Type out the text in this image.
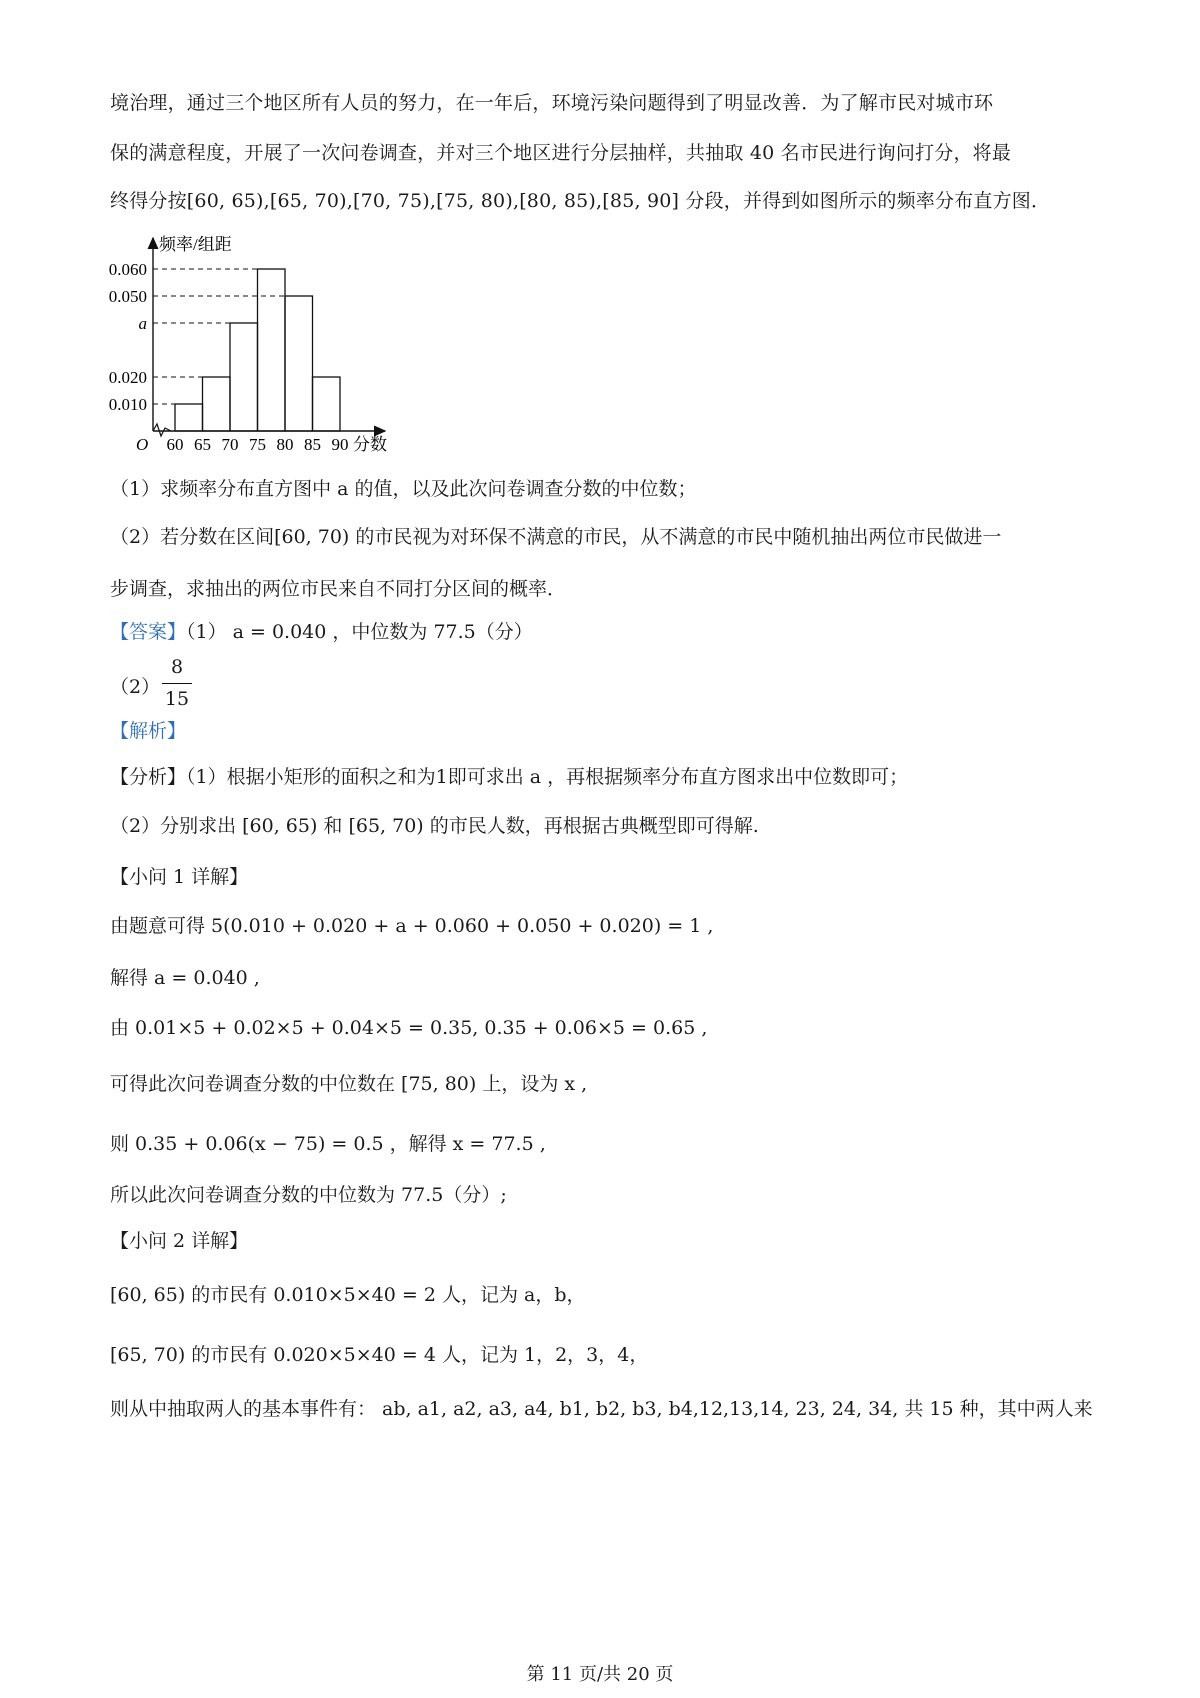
境治理，通过三个地区所有人员的努力，在一年后，环境污染问题得到了明显改善．为了解市民对城市环
保的满意程度，开展了一次问卷调查，并对三个地区进行分层抽样，共抽取 40 名市民进行询问打分，将最
终得分按[60, 65),[65, 70),[70, 75),[75, 80),[80, 85),[85, 90] 分段，并得到如图所示的频率分布直方图．
频率/组距
分数
O
0.060
0.050
a
0.020
0.010
60 65 70 75 80 85 90
（1）求频率分布直方图中 a 的值，以及此次问卷调查分数的中位数；
（2）若分数在区间[60, 70) 的市民视为对环保不满意的市民，从不满意的市民中随机抽出两位市民做进一
步调查，求抽出的两位市民来自不同打分区间的概率．
【答案】（1） a = 0.040 ，中位数为 77.5（分）
（2）
8
15
【解析】
【分析】（1）根据小矩形的面积之和为1即可求出 a ，再根据频率分布直方图求出中位数即可；
（2）分别求出 [60, 65) 和 [65, 70) 的市民人数，再根据古典概型即可得解.
【小问 1 详解】
由题意可得 5(0.010 + 0.020 + a + 0.060 + 0.050 + 0.020) = 1 ,
解得 a = 0.040 ,
由 0.01×5 + 0.02×5 + 0.04×5 = 0.35, 0.35 + 0.06×5 = 0.65 ,
可得此次问卷调查分数的中位数在 [75, 80) 上，设为 x ,
则 0.35 + 0.06(x − 75) = 0.5 ，解得 x = 77.5 ,
所以此次问卷调查分数的中位数为 77.5（分）;
【小问 2 详解】
[60, 65) 的市民有 0.010×5×40 = 2 人，记为 a，b，
[65, 70) 的市民有 0.020×5×40 = 4 人，记为 1，2，3，4，
则从中抽取两人的基本事件有： ab, a1, a2, a3, a4, b1, b2, b3, b4,12,13,14, 23, 24, 34, 共 15 种，其中两人来
第 11 页/共 20 页
